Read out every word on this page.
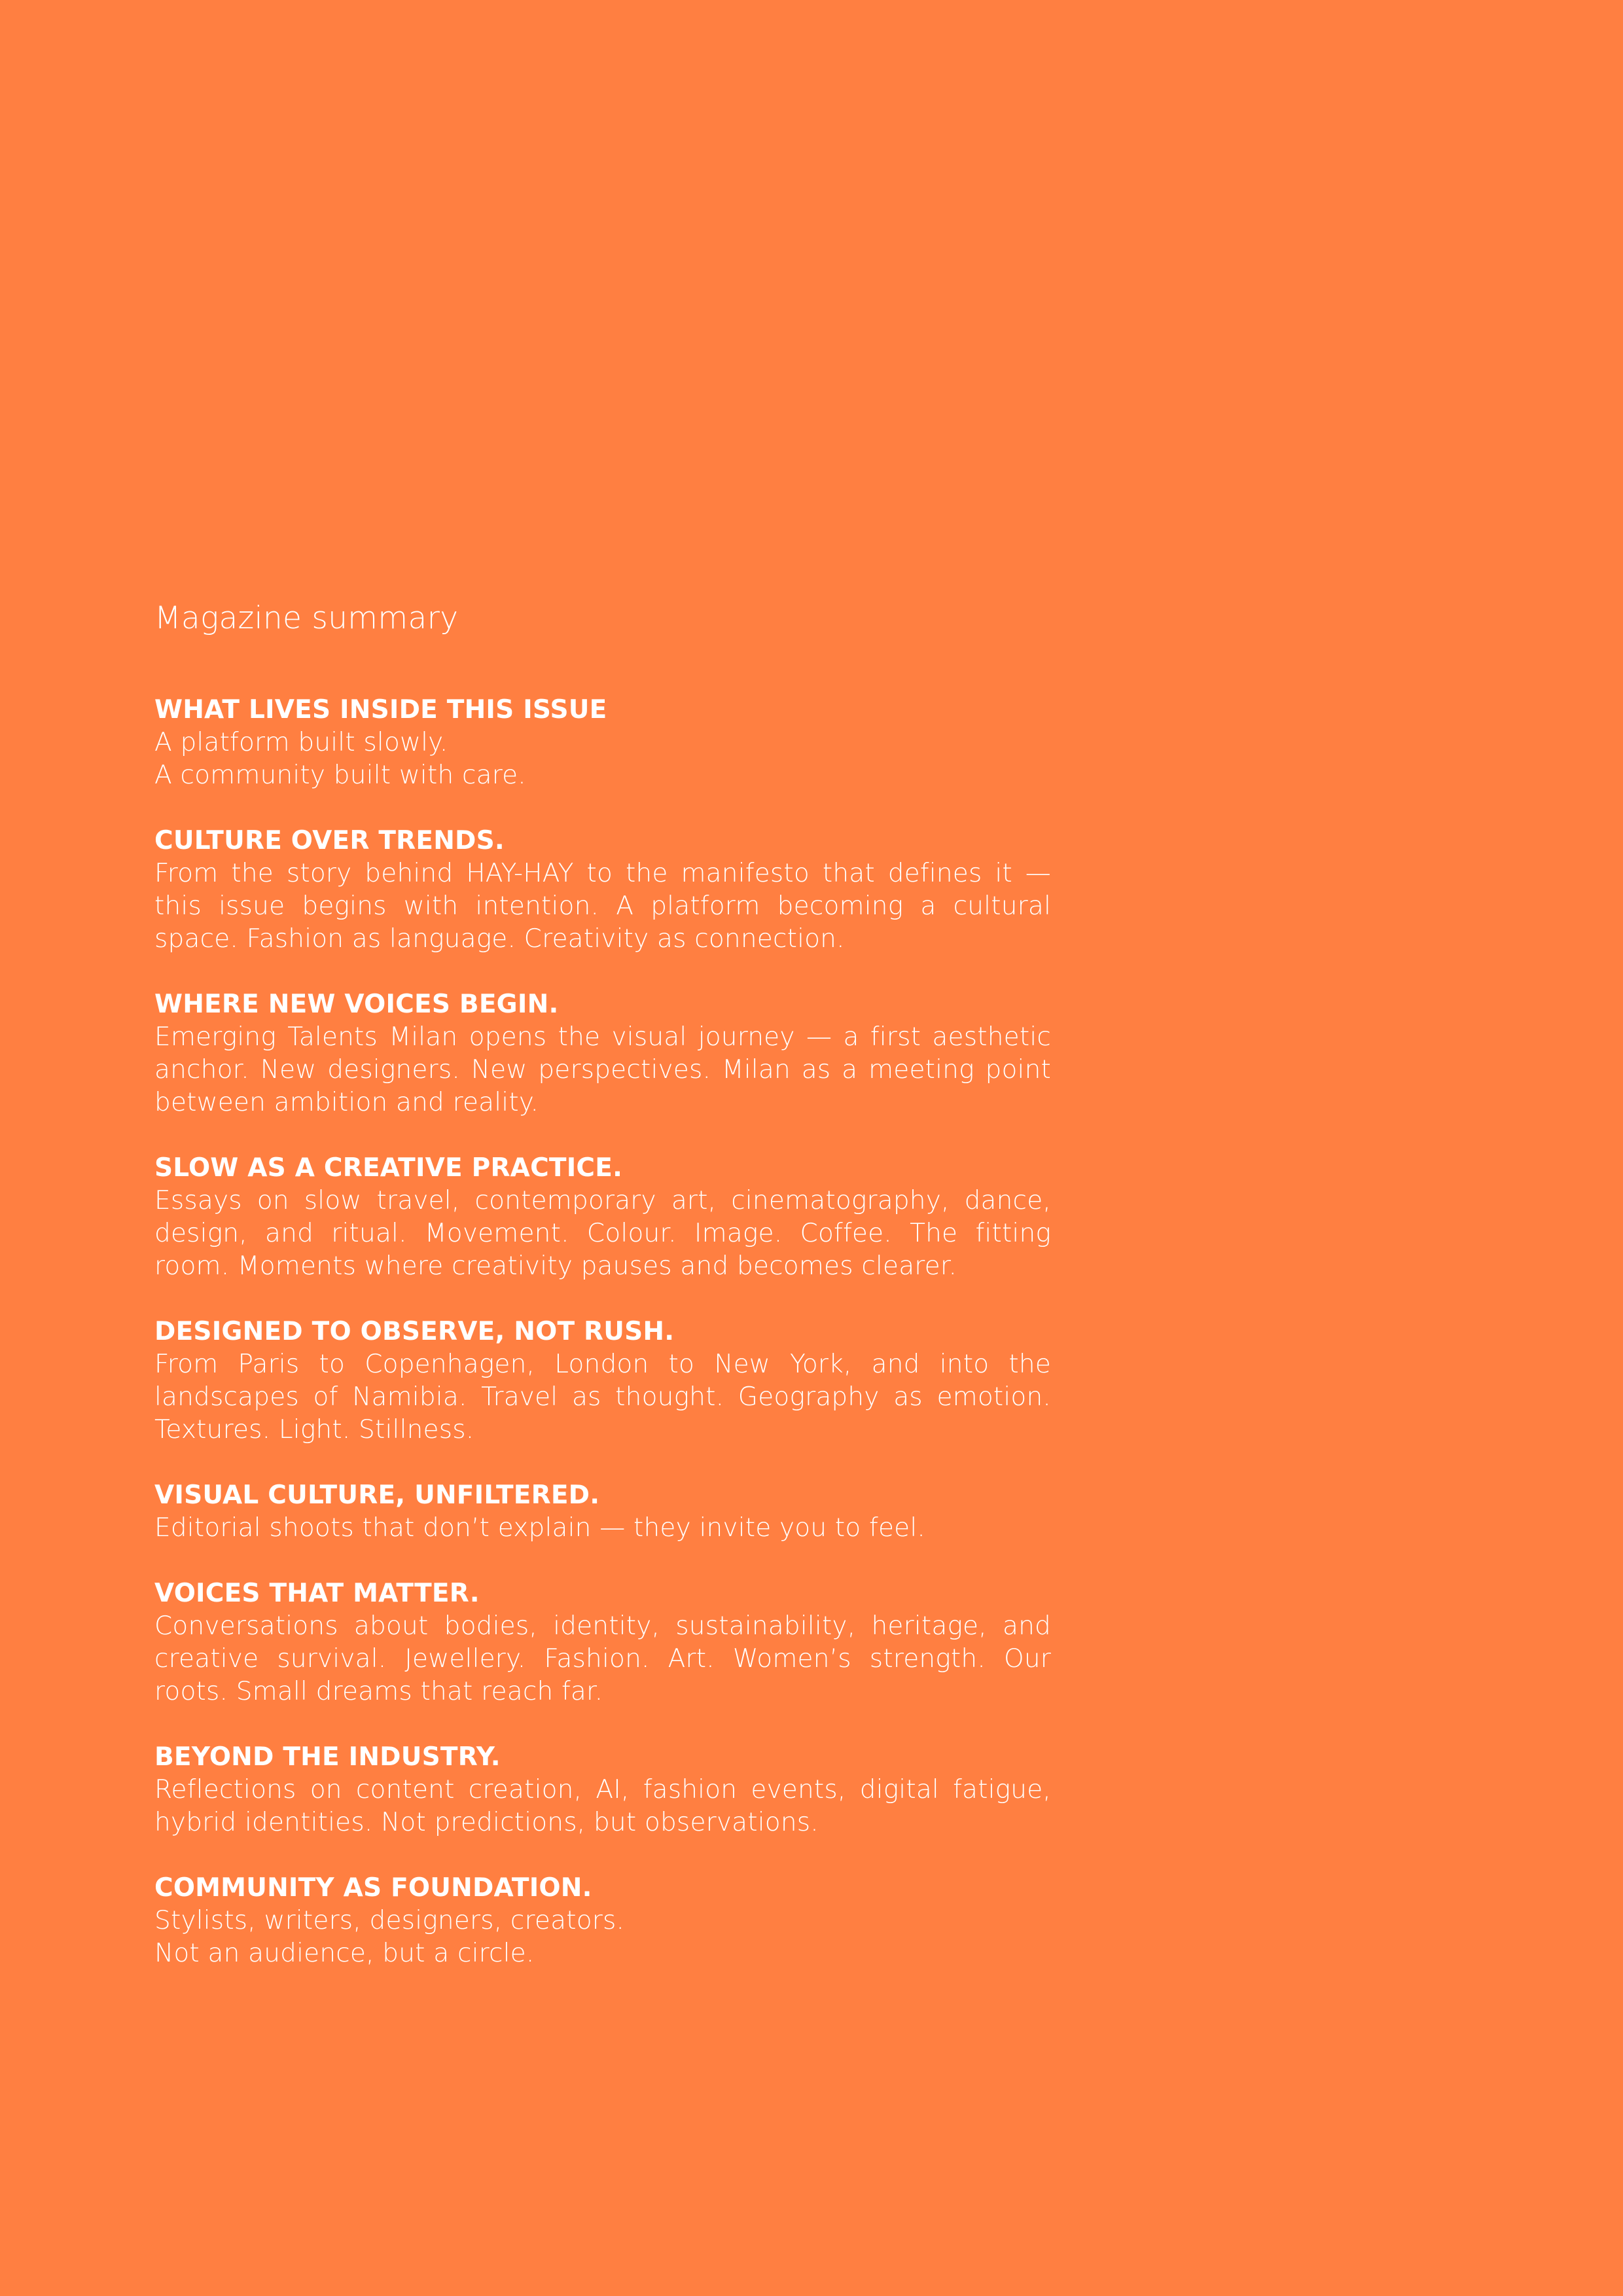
Magazine summary
WHAT LIVES INSIDE THIS ISSUE

A platform built slowly.
A community built with care.

CULTURE OVER TRENDS.

From the story behind HAY-HAY to the manifesto that defines it — this issue begins with intention. A platform becoming a cultural space. Fashion as language. Creativity as connection.

WHERE NEW VOICES BEGIN.

Emerging Talents Milan opens the visual journey — a first aesthetic anchor. New designers. New perspectives. Milan as a meeting point between ambition and reality.

SLOW AS A CREATIVE PRACTICE.

Essays on slow travel, contemporary art, cinematography, dance, design, and ritual. Movement. Colour. Image. Coffee. The fitting room. Moments where creativity pauses and becomes clearer.

DESIGNED TO OBSERVE, NOT RUSH.

From Paris to Copenhagen, London to New York, and into the landscapes of Namibia. Travel as thought. Geography as emotion. Textures. Light. Stillness.

VISUAL CULTURE, UNFILTERED.

Editorial shoots that don’t explain — they invite you to feel.

VOICES THAT MATTER.

Conversations about bodies, identity, sustainability, heritage, and creative survival. Jewellery. Fashion. Art. Women’s strength. Our roots. Small dreams that reach far.

BEYOND THE INDUSTRY.

Reflections on content creation, AI, fashion events, digital fatigue, hybrid identities. Not predictions, but observations.

COMMUNITY AS FOUNDATION.

Stylists, writers, designers, creators.
Not an audience, but a circle.
